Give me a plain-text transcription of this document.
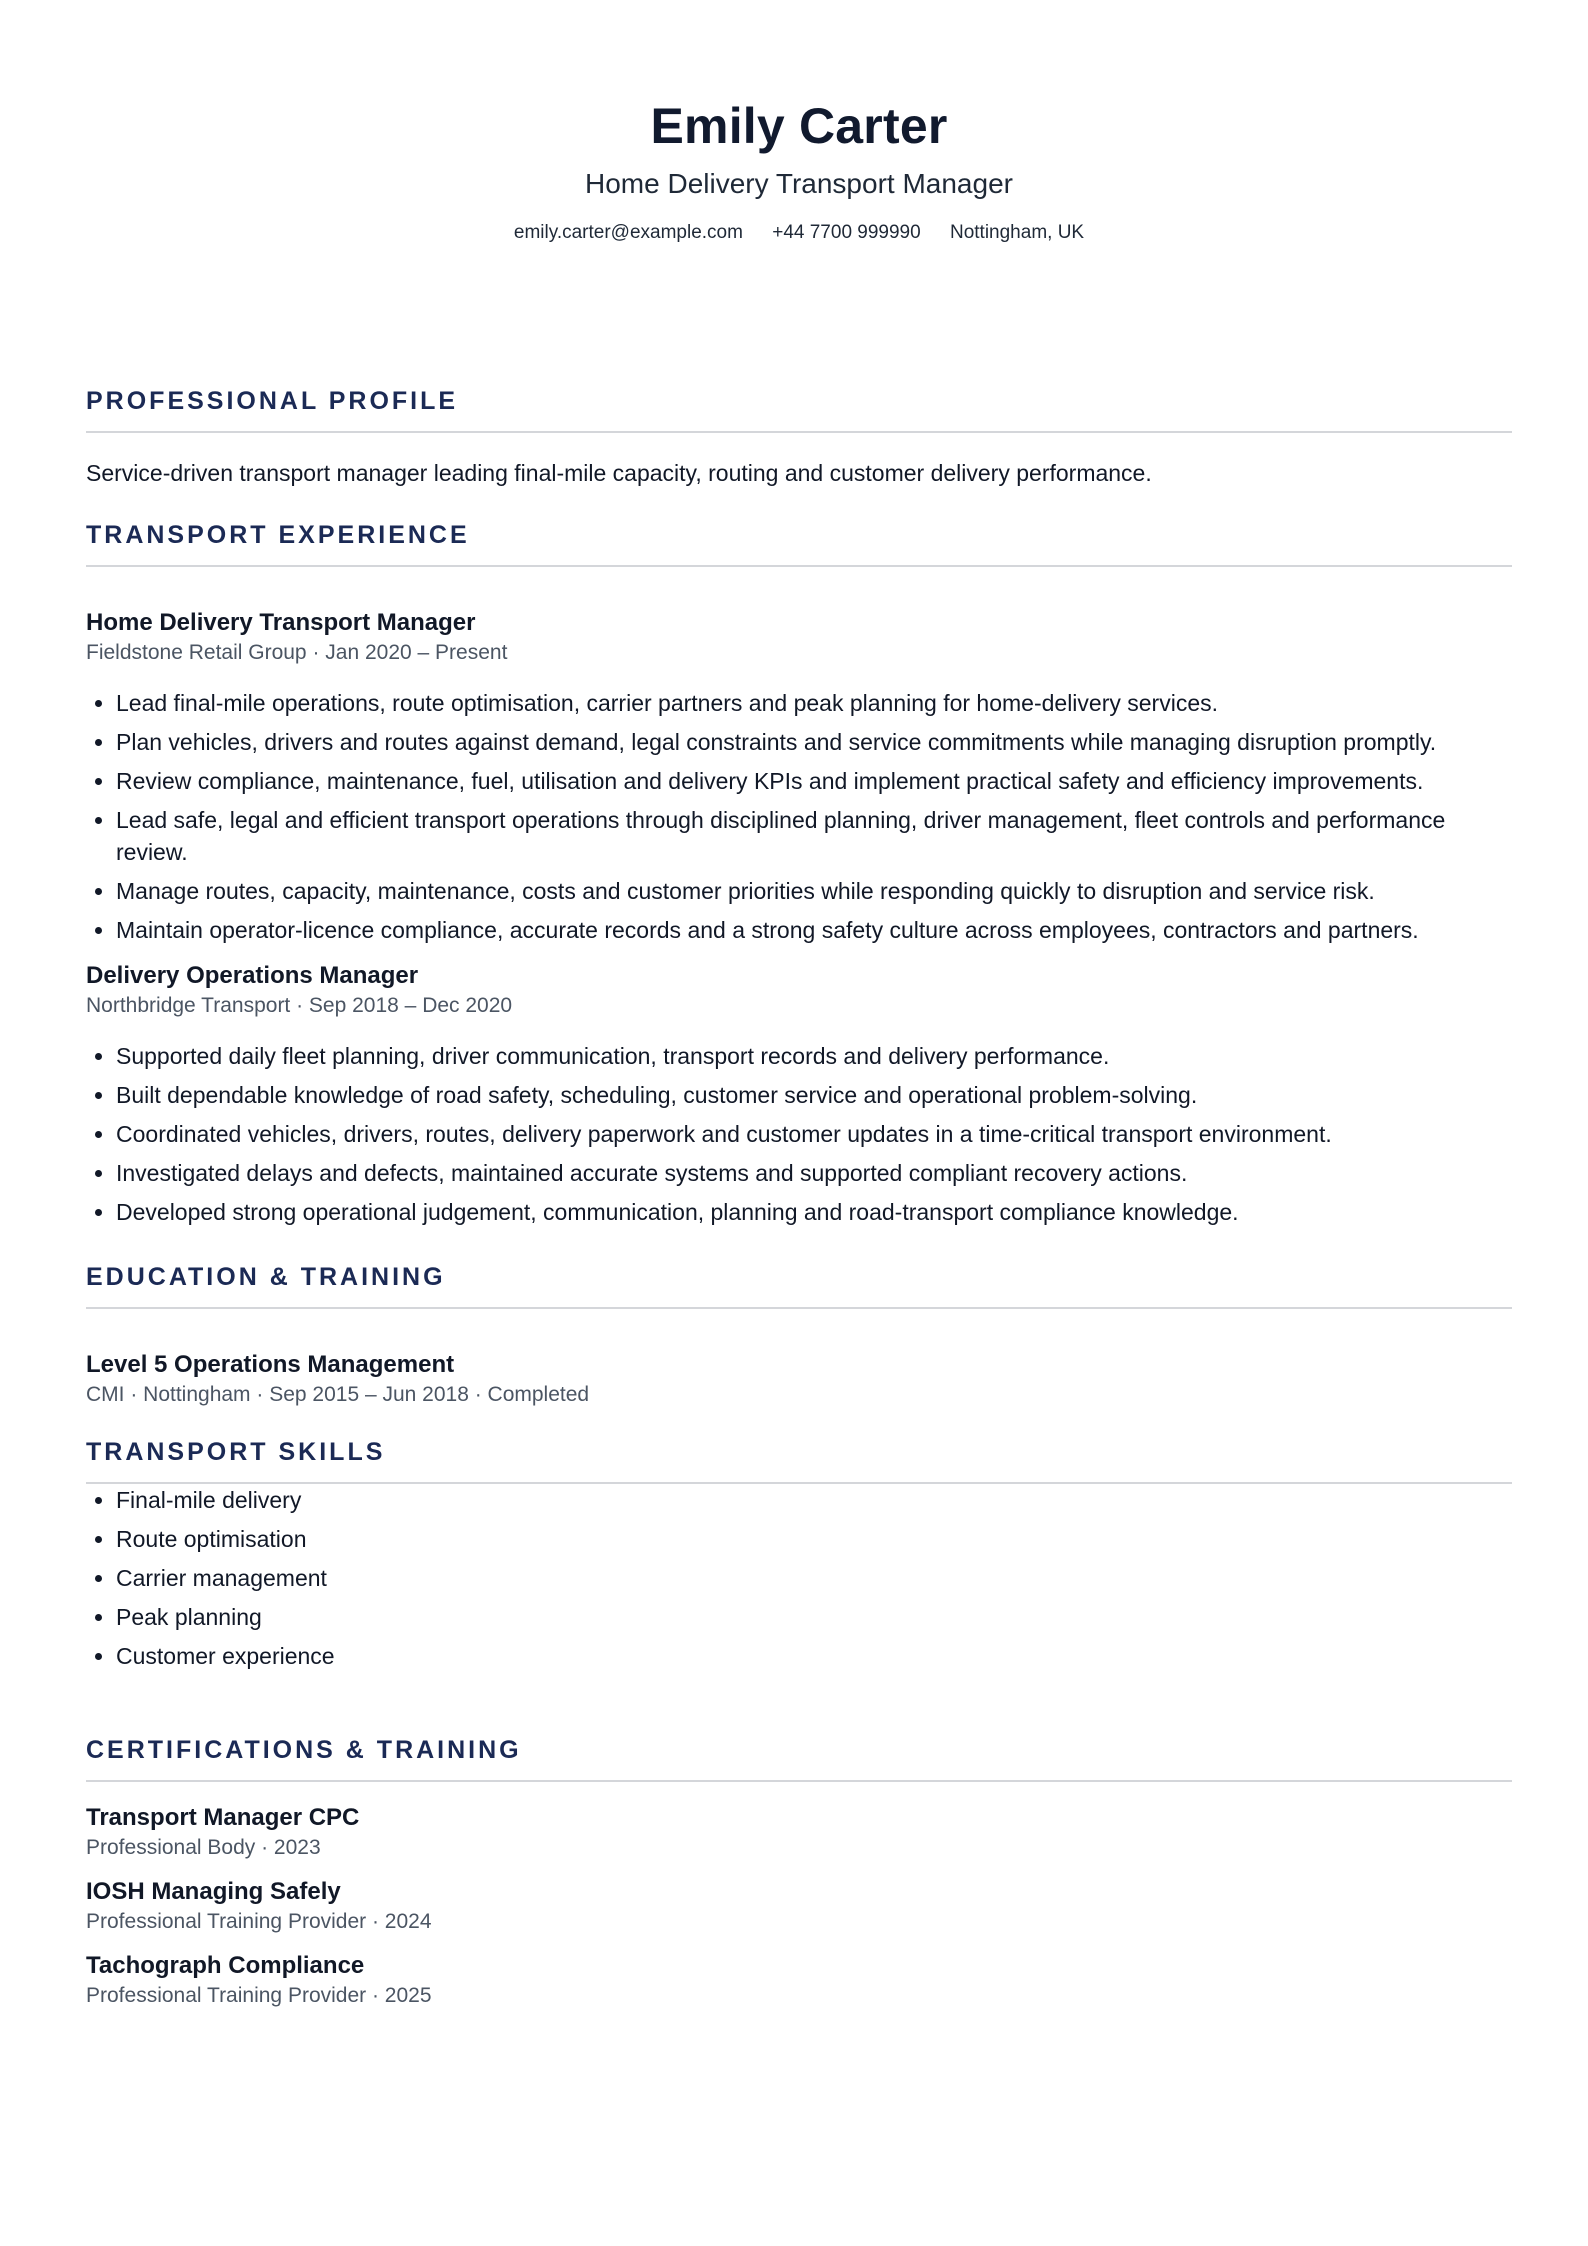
Emily Carter
Home Delivery Transport Manager
emily.carter@example.com +44 7700 999990 Nottingham, UK
PROFESSIONAL PROFILE
Service-driven transport manager leading final-mile capacity, routing and customer delivery performance.
TRANSPORT EXPERIENCE
Home Delivery Transport Manager
Fieldstone Retail Group · Jan 2020 – Present
• Lead final-mile operations, route optimisation, carrier partners and peak planning for home-delivery services.
• Plan vehicles, drivers and routes against demand, legal constraints and service commitments while managing disruption promptly.
• Review compliance, maintenance, fuel, utilisation and delivery KPIs and implement practical safety and efficiency improvements.
• Lead safe, legal and efficient transport operations through disciplined planning, driver management, fleet controls and performance review.
• Manage routes, capacity, maintenance, costs and customer priorities while responding quickly to disruption and service risk.
• Maintain operator-licence compliance, accurate records and a strong safety culture across employees, contractors and partners.
Delivery Operations Manager
Northbridge Transport · Sep 2018 – Dec 2020
• Supported daily fleet planning, driver communication, transport records and delivery performance.
• Built dependable knowledge of road safety, scheduling, customer service and operational problem-solving.
• Coordinated vehicles, drivers, routes, delivery paperwork and customer updates in a time-critical transport environment.
• Investigated delays and defects, maintained accurate systems and supported compliant recovery actions.
• Developed strong operational judgement, communication, planning and road-transport compliance knowledge.
EDUCATION & TRAINING
Level 5 Operations Management
CMI · Nottingham · Sep 2015 – Jun 2018 · Completed
TRANSPORT SKILLS
• Final-mile delivery
• Route optimisation
• Carrier management
• Peak planning
• Customer experience
CERTIFICATIONS & TRAINING
Transport Manager CPC
Professional Body · 2023
IOSH Managing Safely
Professional Training Provider · 2024
Tachograph Compliance
Professional Training Provider · 2025
